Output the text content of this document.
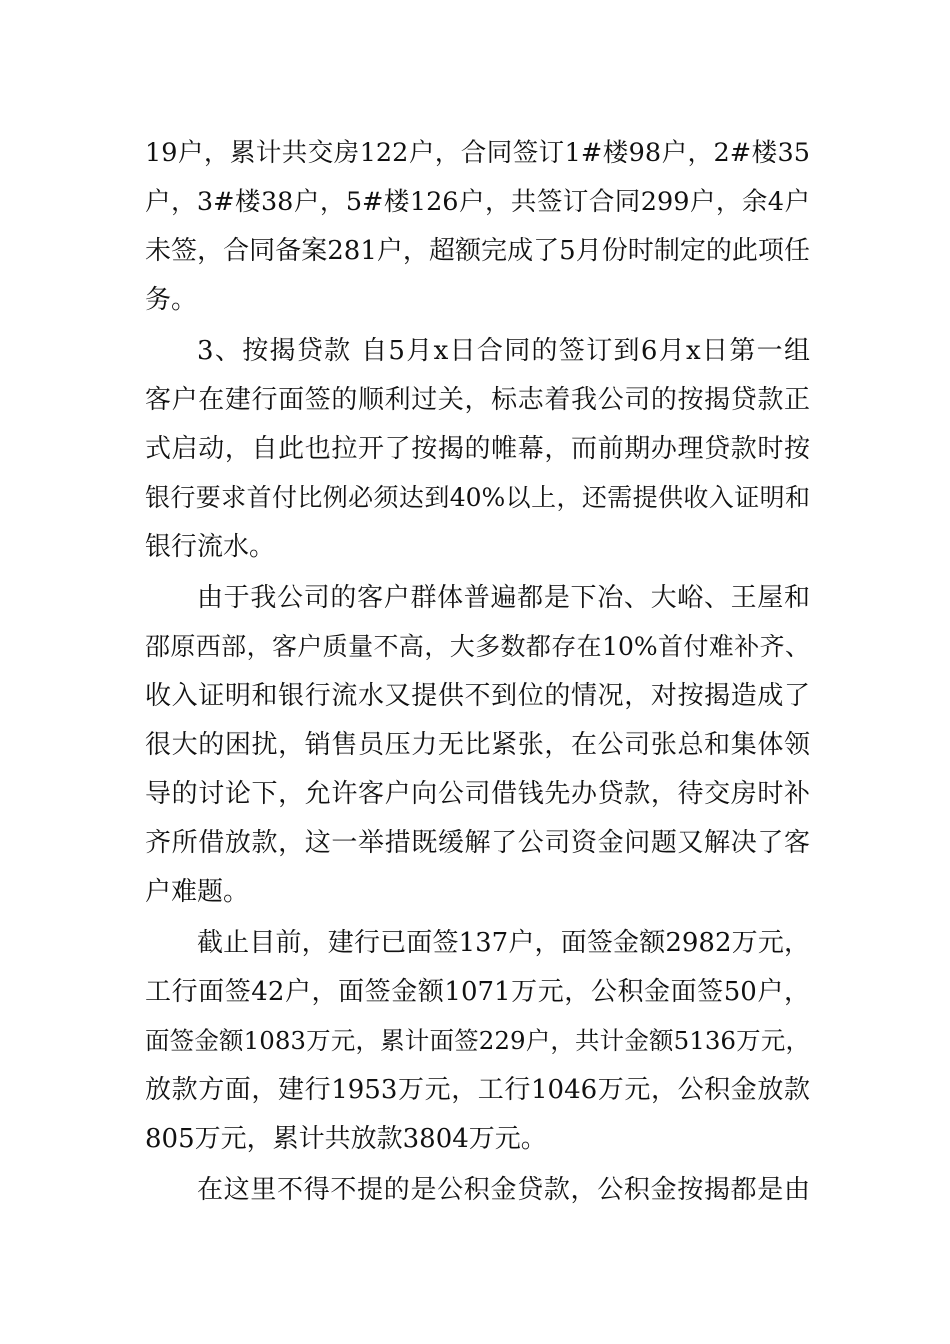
19户，累计共交房122户，合同签订1#楼98户，2#楼35
户，3#楼38户，5#楼126户，共签订合同299户，余4户
未签，合同备案281户，超额完成了5月份时制定的此项任
务。
3、按揭贷款 自5月x日合同的签订到6月x日第一组
客户在建行面签的顺利过关，标志着我公司的按揭贷款正
式启动，自此也拉开了按揭的帷幕，而前期办理贷款时按
银行要求首付比例必须达到40%以上，还需提供收入证明和
银行流水。
由于我公司的客户群体普遍都是下冶、大峪、王屋和
邵原西部，客户质量不高，大多数都存在10%首付难补齐、
收入证明和银行流水又提供不到位的情况，对按揭造成了
很大的困扰，销售员压力无比紧张，在公司张总和集体领
导的讨论下，允许客户向公司借钱先办贷款，待交房时补
齐所借放款，这一举措既缓解了公司资金问题又解决了客
户难题。
截止目前，建行已面签137户，面签金额2982万元，
工行面签42户，面签金额1071万元，公积金面签50户，
面签金额1083万元，累计面签229户，共计金额5136万元，
放款方面，建行1953万元，工行1046万元，公积金放款
805万元，累计共放款3804万元。
在这里不得不提的是公积金贷款，公积金按揭都是由
